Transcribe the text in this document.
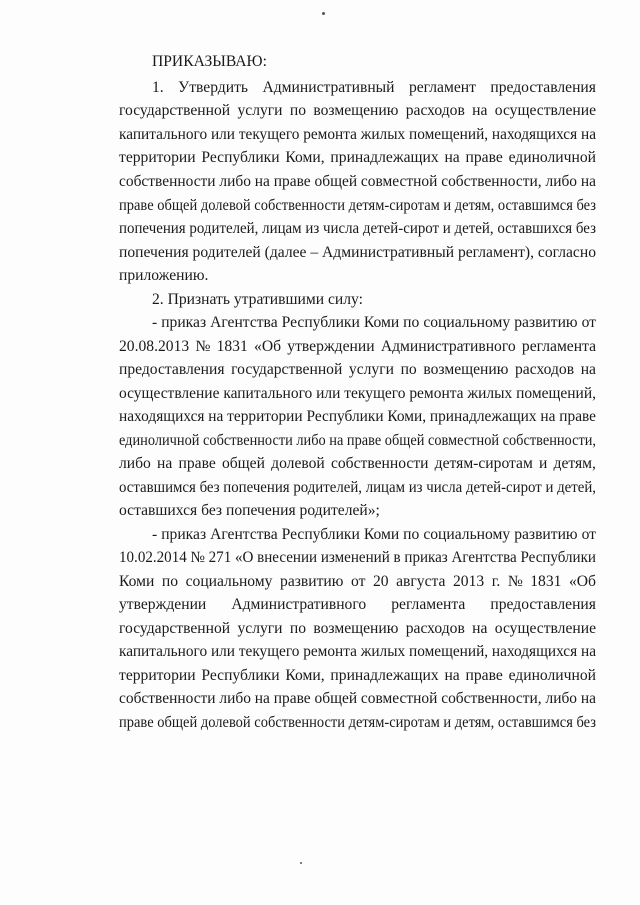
ПРИКАЗЫВАЮ:
1. Утвердить Административный регламент предоставления
государственной услуги по возмещению расходов на осуществление
капитального или текущего ремонта жилых помещений, находящихся на
территории Республики Коми, принадлежащих на праве единоличной
собственности либо на праве общей совместной собственности, либо на
праве общей долевой собственности детям-сиротам и детям, оставшимся без
попечения родителей, лицам из числа детей-сирот и детей, оставшихся без
попечения родителей (далее – Административный регламент), согласно
приложению.
2. Признать утратившими силу:
- приказ Агентства Республики Коми по социальному развитию от
20.08.2013 № 1831 «Об утверждении Административного регламента
предоставления государственной услуги по возмещению расходов на
осуществление капитального или текущего ремонта жилых помещений,
находящихся на территории Республики Коми, принадлежащих на праве
единоличной собственности либо на праве общей совместной собственности,
либо на праве общей долевой собственности детям-сиротам и детям,
оставшимся без попечения родителей, лицам из числа детей-сирот и детей,
оставшихся без попечения родителей»;
- приказ Агентства Республики Коми по социальному развитию от
10.02.2014 № 271 «О внесении изменений в приказ Агентства Республики
Коми по социальному развитию от 20 августа 2013 г. № 1831 «Об
утверждении Административного регламента предоставления
государственной услуги по возмещению расходов на осуществление
капитального или текущего ремонта жилых помещений, находящихся на
территории Республики Коми, принадлежащих на праве единоличной
собственности либо на праве общей совместной собственности, либо на
праве общей долевой собственности детям-сиротам и детям, оставшимся без
